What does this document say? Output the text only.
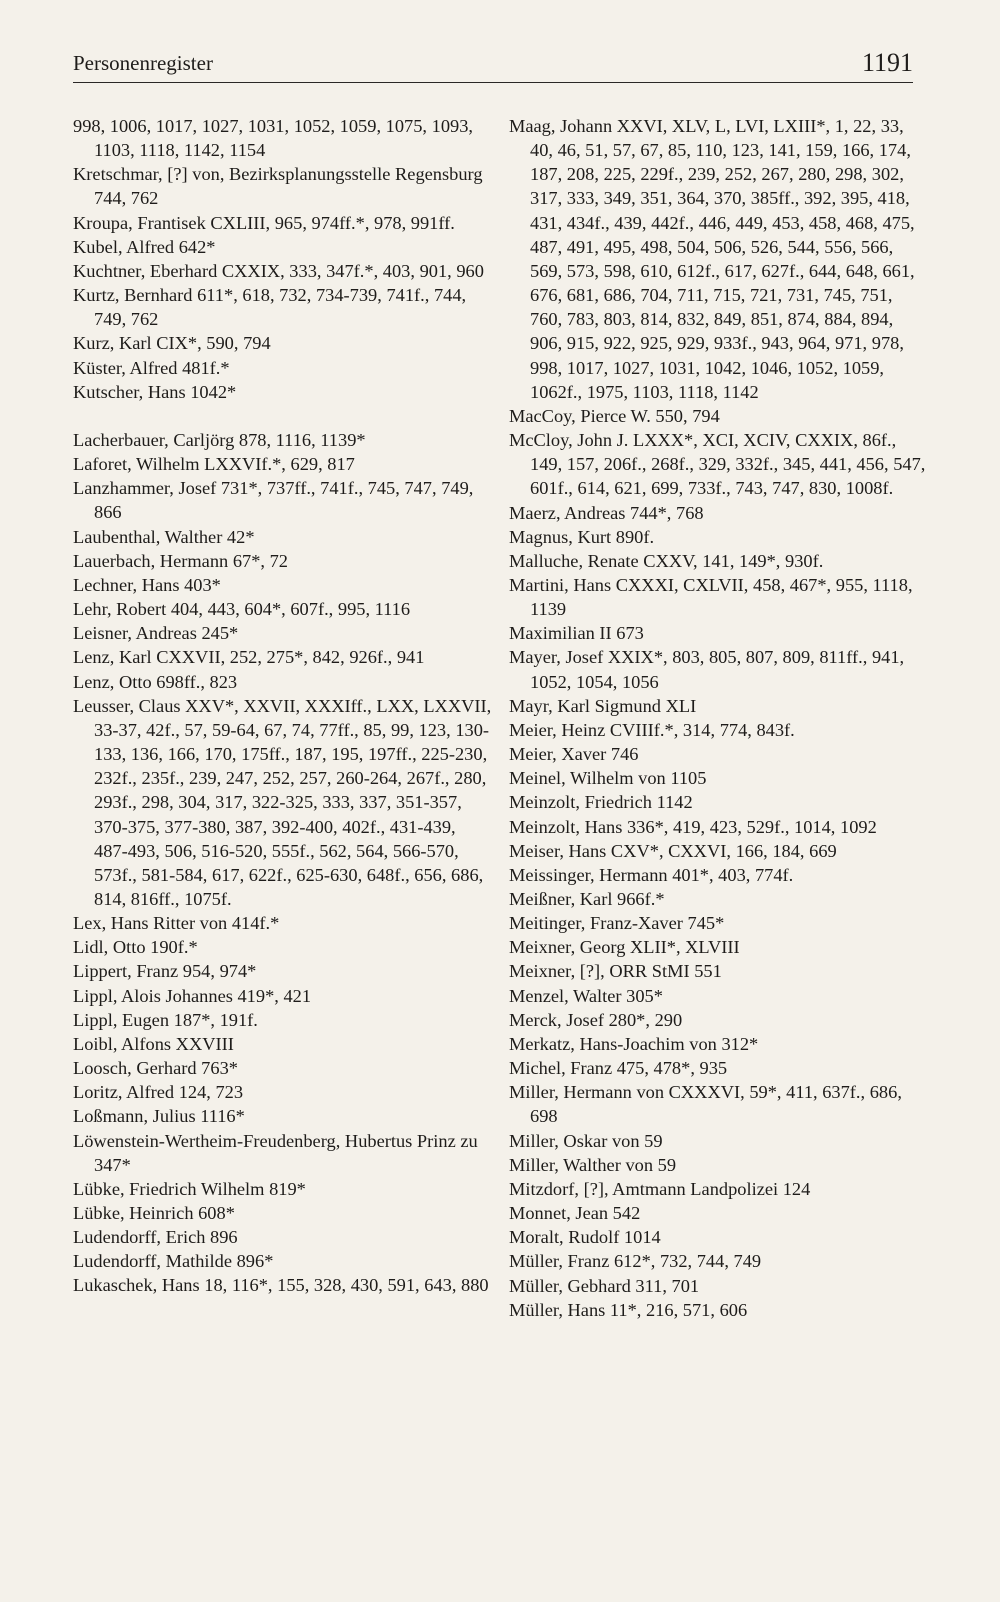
Personenregister	1191
998, 1006, 1017, 1027, 1031, 1052, 1059, 1075, 1093, 1103, 1118, 1142, 1154
Kretschmar, [?] von, Bezirksplanungsstelle Regensburg 744, 762
Kroupa, Frantisek CXLIII, 965, 974ff.*, 978, 991ff.
Kubel, Alfred 642*
Kuchtner, Eberhard CXXIX, 333, 347f.*, 403, 901, 960
Kurtz, Bernhard 611*, 618, 732, 734-739, 741f., 744, 749, 762
Kurz, Karl CIX*, 590, 794
Küster, Alfred 481f.*
Kutscher, Hans 1042*
Lacherbauer, Carljörg 878, 1116, 1139*
Laforet, Wilhelm LXXVIf.*, 629, 817
Lanzhammer, Josef 731*, 737ff., 741f., 745, 747, 749, 866
Laubenthal, Walther 42*
Lauerbach, Hermann 67*, 72
Lechner, Hans 403*
Lehr, Robert 404, 443, 604*, 607f., 995, 1116
Leisner, Andreas 245*
Lenz, Karl CXXVII, 252, 275*, 842, 926f., 941
Lenz, Otto 698ff., 823
Leusser, Claus XXV*, XXVII, XXXIff., LXX, LXXVII, 33-37, 42f., 57, 59-64, 67, 74, 77ff., 85, 99, 123, 130-133, 136, 166, 170, 175ff., 187, 195, 197ff., 225-230, 232f., 235f., 239, 247, 252, 257, 260-264, 267f., 280, 293f., 298, 304, 317, 322-325, 333, 337, 351-357, 370-375, 377-380, 387, 392-400, 402f., 431-439, 487-493, 506, 516-520, 555f., 562, 564, 566-570, 573f., 581-584, 617, 622f., 625-630, 648f., 656, 686, 814, 816ff., 1075f.
Lex, Hans Ritter von 414f.*
Lidl, Otto 190f.*
Lippert, Franz 954, 974*
Lippl, Alois Johannes 419*, 421
Lippl, Eugen 187*, 191f.
Loibl, Alfons XXVIII
Loosch, Gerhard 763*
Loritz, Alfred 124, 723
Loßmann, Julius 1116*
Löwenstein-Wertheim-Freudenberg, Hubertus Prinz zu 347*
Lübke, Friedrich Wilhelm 819*
Lübke, Heinrich 608*
Ludendorff, Erich 896
Ludendorff, Mathilde 896*
Lukaschek, Hans 18, 116*, 155, 328, 430, 591, 643, 880
Maag, Johann XXVI, XLV, L, LVI, LXIII*, 1, 22, 33, 40, 46, 51, 57, 67, 85, 110, 123, 141, 159, 166, 174, 187, 208, 225, 229f., 239, 252, 267, 280, 298, 302, 317, 333, 349, 351, 364, 370, 385ff., 392, 395, 418, 431, 434f., 439, 442f., 446, 449, 453, 458, 468, 475, 487, 491, 495, 498, 504, 506, 526, 544, 556, 566, 569, 573, 598, 610, 612f., 617, 627f., 644, 648, 661, 676, 681, 686, 704, 711, 715, 721, 731, 745, 751, 760, 783, 803, 814, 832, 849, 851, 874, 884, 894, 906, 915, 922, 925, 929, 933f., 943, 964, 971, 978, 998, 1017, 1027, 1031, 1042, 1046, 1052, 1059, 1062f., 1975, 1103, 1118, 1142
MacCoy, Pierce W. 550, 794
McCloy, John J. LXXX*, XCI, XCIV, CXXIX, 86f., 149, 157, 206f., 268f., 329, 332f., 345, 441, 456, 547, 601f., 614, 621, 699, 733f., 743, 747, 830, 1008f.
Maerz, Andreas 744*, 768
Magnus, Kurt 890f.
Malluche, Renate CXXV, 141, 149*, 930f.
Martini, Hans CXXXI, CXLVII, 458, 467*, 955, 1118, 1139
Maximilian II 673
Mayer, Josef XXIX*, 803, 805, 807, 809, 811ff., 941, 1052, 1054, 1056
Mayr, Karl Sigmund XLI
Meier, Heinz CVIIIf.*, 314, 774, 843f.
Meier, Xaver 746
Meinel, Wilhelm von 1105
Meinzolt, Friedrich 1142
Meinzolt, Hans 336*, 419, 423, 529f., 1014, 1092
Meiser, Hans CXV*, CXXVI, 166, 184, 669
Meissinger, Hermann 401*, 403, 774f.
Meißner, Karl 966f.*
Meitinger, Franz-Xaver 745*
Meixner, Georg XLII*, XLVIII
Meixner, [?], ORR StMI 551
Menzel, Walter 305*
Merck, Josef 280*, 290
Merkatz, Hans-Joachim von 312*
Michel, Franz 475, 478*, 935
Miller, Hermann von CXXXVI, 59*, 411, 637f., 686, 698
Miller, Oskar von 59
Miller, Walther von 59
Mitzdorf, [?], Amtmann Landpolizei 124
Monnet, Jean 542
Moralt, Rudolf 1014
Müller, Franz 612*, 732, 744, 749
Müller, Gebhard 311, 701
Müller, Hans 11*, 216, 571, 606
